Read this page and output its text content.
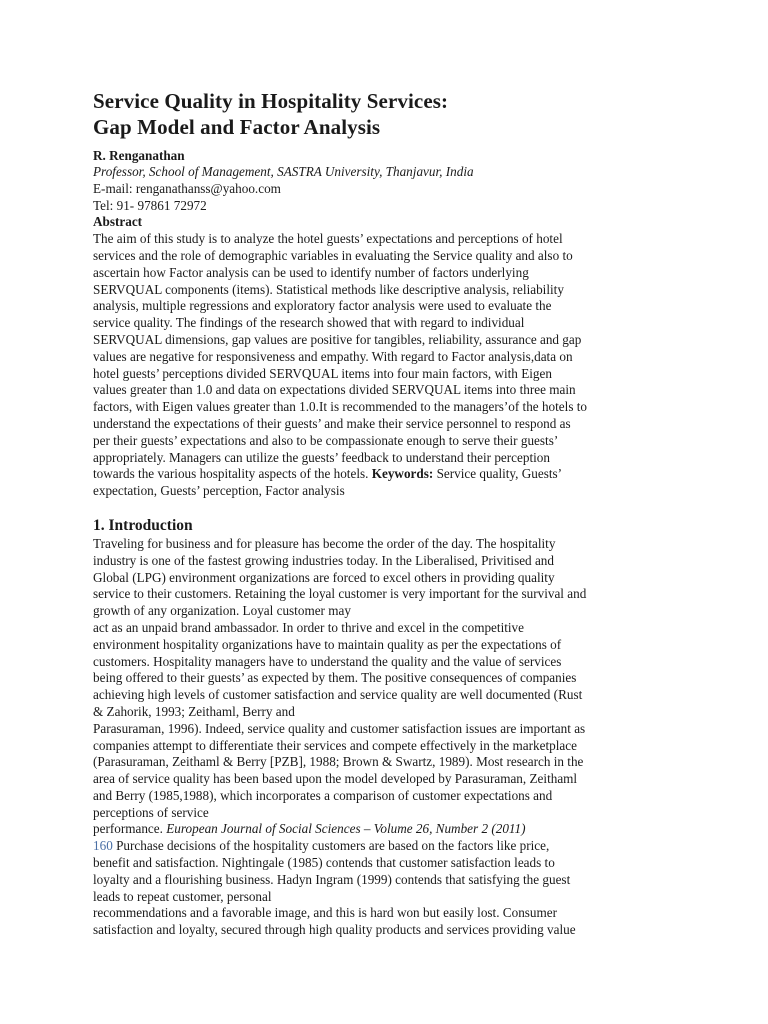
Service Quality in Hospitality Services:
Gap Model and Factor Analysis
R. Renganathan
Professor, School of Management, SASTRA University, Thanjavur, India
E-mail: renganathanss@yahoo.com
Tel: 91- 97861 72972
Abstract

The aim of this study is to analyze the hotel guests’ expectations and perceptions of hotel
services and the role of demographic variables in evaluating the Service quality and also to
ascertain how Factor analysis can be used to identify number of factors underlying
SERVQUAL components (items). Statistical methods like descriptive analysis, reliability
analysis, multiple regressions and exploratory factor analysis were used to evaluate the
service quality. The findings of the research showed that with regard to individual
SERVQUAL dimensions, gap values are positive for tangibles, reliability, assurance and gap
values are negative for responsiveness and empathy. With regard to Factor analysis,data on
hotel guests’ perceptions divided SERVQUAL items into four main factors, with Eigen
values greater than 1.0 and data on expectations divided SERVQUAL items into three main
factors, with Eigen values greater than 1.0.It is recommended to the managers’of the hotels to
understand the expectations of their guests’ and make their service personnel to respond as
per their guests’ expectations and also to be compassionate enough to serve their guests’
appropriately. Managers can utilize the guests’ feedback to understand their perception
towards the various hospitality aspects of the hotels. Keywords: Service quality, Guests’
expectation, Guests’ perception, Factor analysis

1. Introduction

Traveling for business and for pleasure has become the order of the day. The hospitality
industry is one of the fastest growing industries today. In the Liberalised, Privitised and
Global (LPG) environment organizations are forced to excel others in providing quality
service to their customers. Retaining the loyal customer is very important for the survival and
growth of any organization. Loyal customer may
act as an unpaid brand ambassador. In order to thrive and excel in the competitive
environment hospitality organizations have to maintain quality as per the expectations of
customers. Hospitality managers have to understand the quality and the value of services
being offered to their guests’ as expected by them. The positive consequences of companies
achieving high levels of customer satisfaction and service quality are well documented (Rust
& Zahorik, 1993; Zeithaml, Berry and
Parasuraman, 1996). Indeed, service quality and customer satisfaction issues are important as
companies attempt to differentiate their services and compete effectively in the marketplace
(Parasuraman, Zeithaml & Berry [PZB], 1988; Brown & Swartz, 1989). Most research in the
area of service quality has been based upon the model developed by Parasuraman, Zeithaml
and Berry (1985,1988), which incorporates a comparison of customer expectations and
perceptions of service
performance. European Journal of Social Sciences – Volume 26, Number 2 (2011)
160 Purchase decisions of the hospitality customers are based on the factors like price,
benefit and satisfaction. Nightingale (1985) contends that customer satisfaction leads to
loyalty and a flourishing business. Hadyn Ingram (1999) contends that satisfying the guest
leads to repeat customer, personal
recommendations and a favorable image, and this is hard won but easily lost. Consumer
satisfaction and loyalty, secured through high quality products and services providing value
